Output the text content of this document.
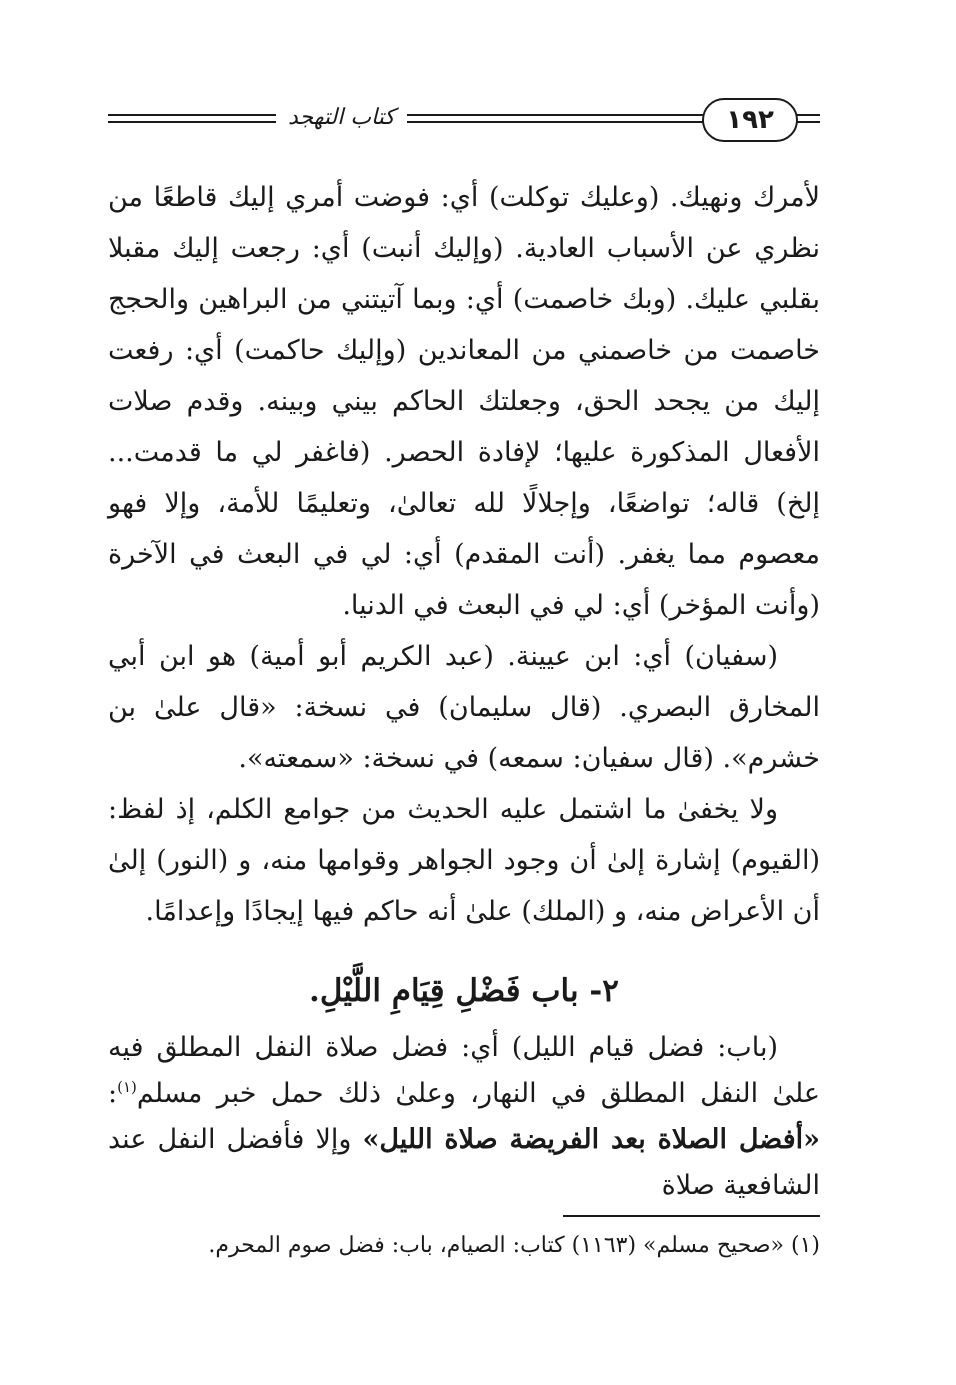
كتاب التهجد	١٩٢

لأمرك ونهيك. (وعليك توكلت) أي: فوضت أمري إليك قاطعًا من نظري عن الأسباب العادية. (وإليك أنبت) أي: رجعت إليك مقبلا بقلبي عليك. (وبك خاصمت) أي: وبما آتيتني من البراهين والحجج خاصمت من خاصمني من المعاندين (وإليك حاكمت) أي: رفعت إليك من يجحد الحق، وجعلتك الحاكم بيني وبينه. وقدم صلات الأفعال المذكورة عليها؛ لإفادة الحصر. (فاغفر لي ما قدمت... إلخ) قاله؛ تواضعًا، وإجلالًا لله تعالىٰ، وتعليمًا للأمة، وإلا فهو معصوم مما يغفر. (أنت المقدم) أي: لي في البعث في الآخرة (وأنت المؤخر) أي: لي في البعث في الدنيا.

(سفيان) أي: ابن عيينة. (عبد الكريم أبو أمية) هو ابن أبي المخارق البصري. (قال سليمان) في نسخة: «قال علىٰ بن خشرم». (قال سفيان: سمعه) في نسخة: «سمعته».

ولا يخفىٰ ما اشتمل عليه الحديث من جوامع الكلم، إذ لفظ: (القيوم) إشارة إلىٰ أن وجود الجواهر وقوامها منه، و (النور) إلىٰ أن الأعراض منه، و (الملك) علىٰ أنه حاكم فيها إيجادًا وإعدامًا.

٢- باب فَضْلِ قِيَامِ اللَّيْلِ.

(باب: فضل قيام الليل) أي: فضل صلاة النفل المطلق فيه علىٰ النفل المطلق في النهار، وعلىٰ ذلك حمل خبر مسلم$^{(١)}$: «أفضل الصلاة بعد الفريضة صلاة الليل» وإلا فأفضل النفل عند الشافعية صلاة

(١) «صحيح مسلم» (١١٦٣) كتاب: الصيام، باب: فضل صوم المحرم.
